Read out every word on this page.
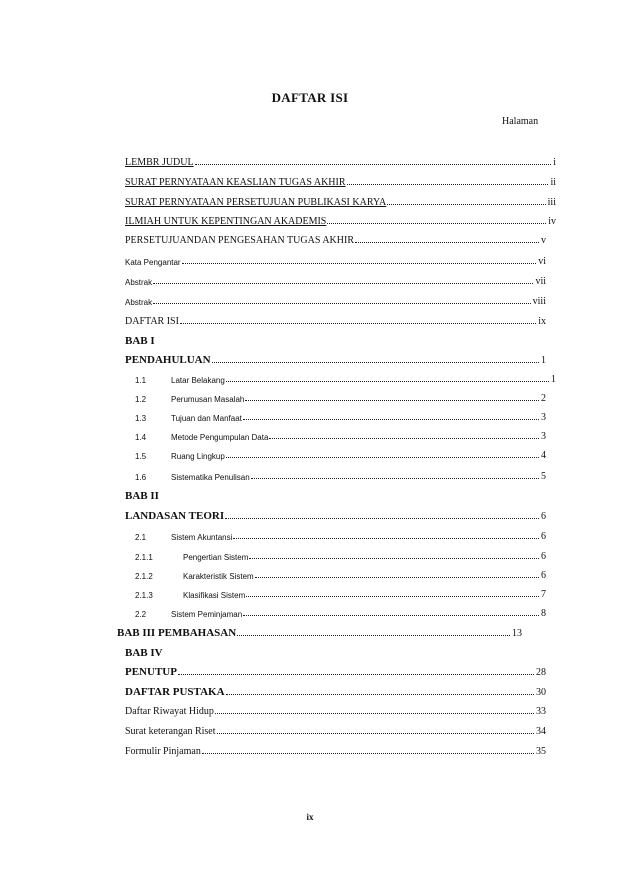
DAFTAR ISI
Halaman
LEMBR JUDUL	i
SURAT PERNYATAAN KEASLIAN TUGAS AKHIR	ii
SURAT PERNYATAAN PERSETUJUAN PUBLIKASI KARYA	iii
ILMIAH UNTUK KEPENTINGAN AKADEMIS	iv
PERSETUJUANDAN PENGESAHAN TUGAS AKHIR	v
Kata Pengantar	vi
Abstrak	vii
Abstrak	viii
DAFTAR ISI	ix
BAB I
PENDAHULUAN	1
1.1	Latar Belakang	1
1.2	Perumusan Masalah	2
1.3	Tujuan dan Manfaat	3
1.4	Metode Pengumpulan Data	3
1.5	Ruang Lingkup	4
1.6	Sistematika Penulisan	5
BAB II
LANDASAN TEORI	6
2.1	Sistem Akuntansi	6
2.1.1	Pengertian Sistem	6
2.1.2	Karakteristik Sistem	6
2.1.3	Klasifikasi Sistem	7
2.2	Sistem Peminjaman	8
BAB III PEMBAHASAN	13
BAB IV
PENUTUP	28
DAFTAR PUSTAKA	30
Daftar Riwayat Hidup	33
Surat keterangan Riset	34
Formulir Pinjaman	35
ix
